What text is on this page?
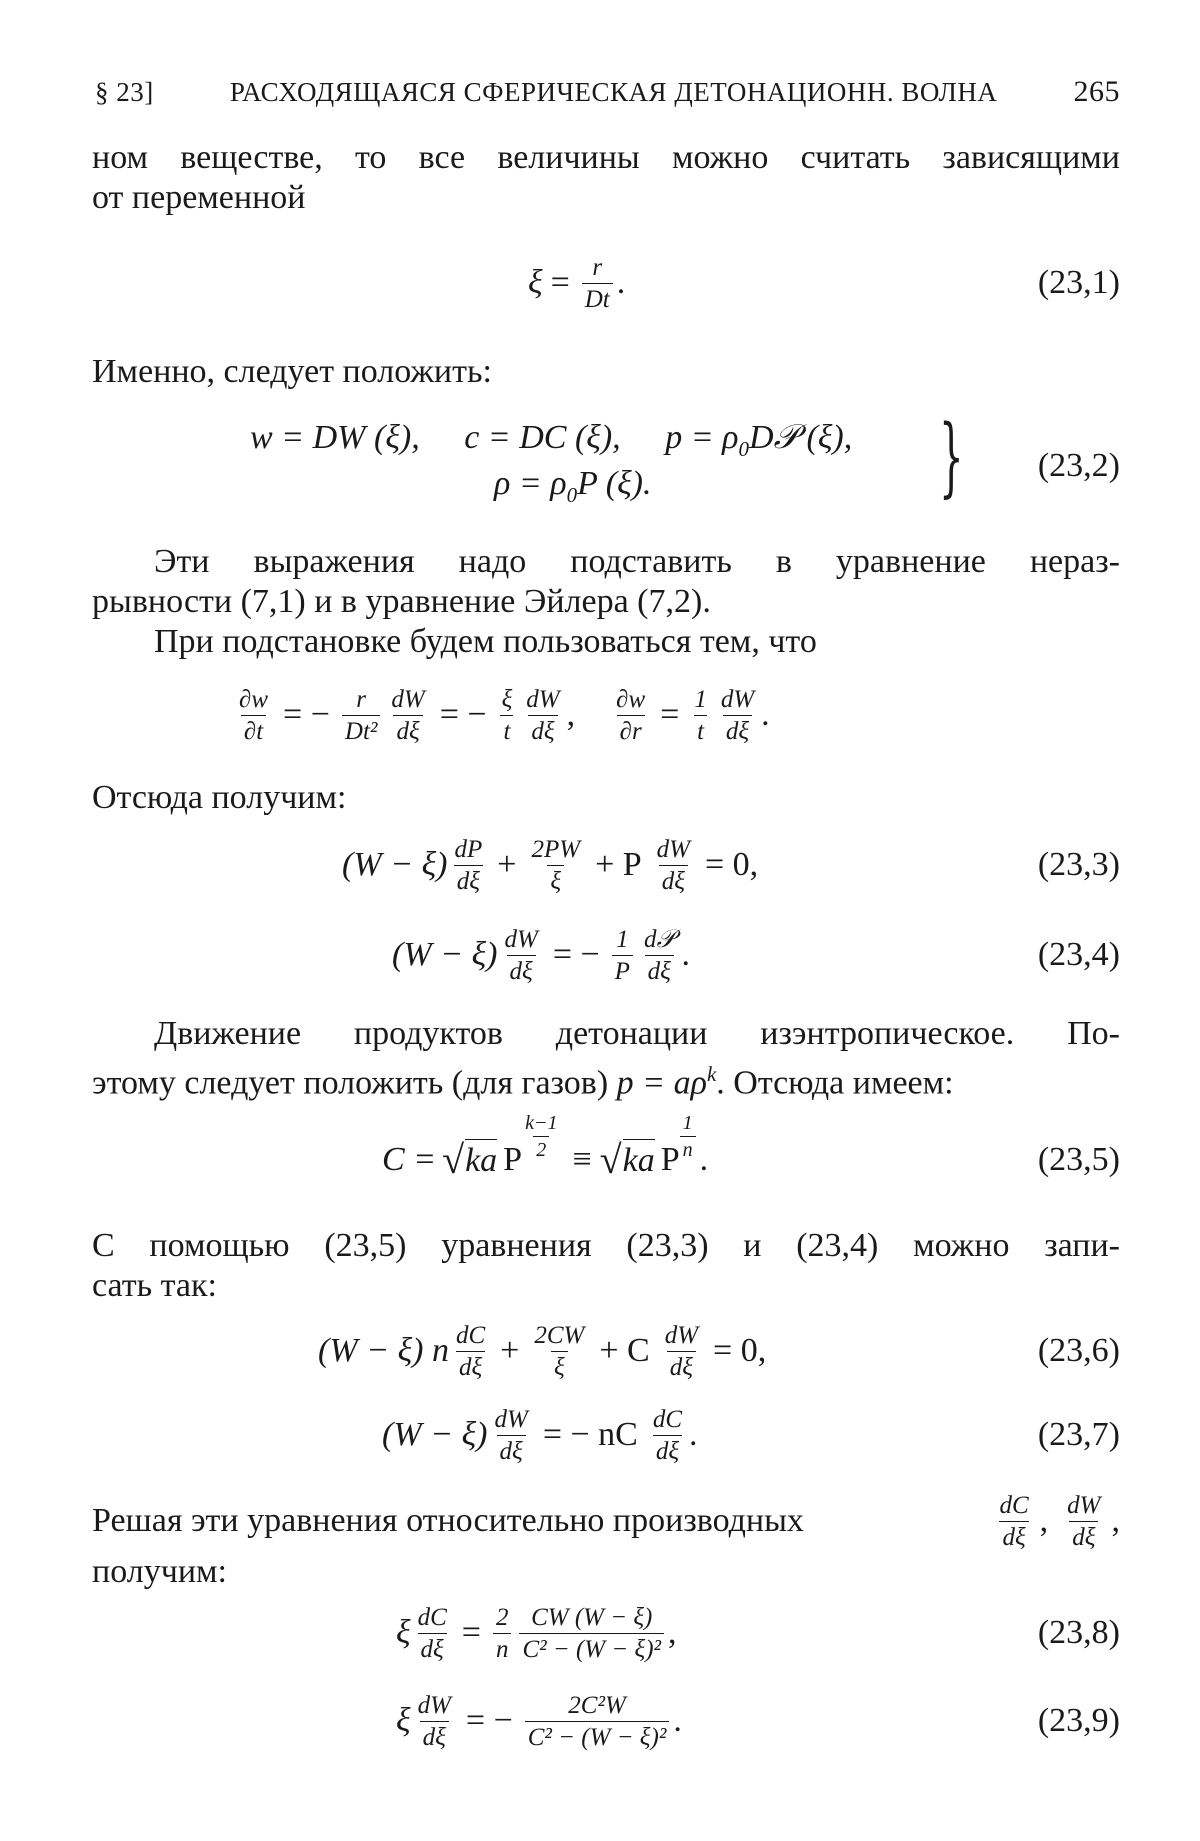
§ 23]	РАСХОДЯЩАЯСЯ СФЕРИЧЕСКАЯ ДЕТОНАЦИОНН. ВОЛНА	265
ном веществе, то все величины можно считать зависящими
от переменной
$\xi = \frac{r}{Dt}$ .	(23,1)
Именно, следует положить:
w = DW (ξ), c = DC (ξ), $p = \rho_0D𝒫$ (ξ),
$\rho = \rho_0P$ (ξ).	} (23,2)
Эти выражения надо подставить в уравнение нераз-
рывности (7,1) и в уравнение Эйлера (7,2).
При подстановке будем пользоваться тем, что
$\frac{\partial w}{\partial t}$ = − $\frac{r}{\text{Dt²}} \frac{dW}{d\xi}$ = − $\frac{\xi}{t} \frac{dW}{d\xi}$ , $\frac{\partial w}{\partial r} = \frac{1}{t} \frac{dW}{d\xi}$ .
Отсюда получим:
$(W - \xi) \frac{dP}{d\xi} + \frac{2PW}{\xi} + P \frac{dW}{d\xi} = 0$,	(23,3)
$(W - \xi) \frac{dW}{d\xi}$ = − $\frac{1}{P} \frac{\text{d𝒫}}{d\xi}$ .	(23,4)
Движение продуктов детонации изэнтропическое. По-
этому следует положить (для газов) $p = a\rho^k$. Отсюда имеем:
C = √ ka P $\frac{k-1}{2}$ ≡ √ ka P $\frac{1}{n}$ .	(23,5)
С помощью (23,5) уравнения (23,3) и (23,4) можно запи-
сать так:
(W − ξ) n $\frac{dC}{d\xi} + \frac{2CW}{\xi} + C \frac{dW}{d\xi} = 0$,	(23,6)
$(W - \xi) \frac{dW}{d\xi}$ = − nC $\frac{dC}{d\xi}$ .	(23,7)
Решая эти уравнения относительно производных	$\frac{dC}{d\xi}$ , $\frac{dW}{d\xi}$ ,
получим:
ξ $\frac{dC}{d\xi} = \frac{2}{n} \frac{CW (W - \xi)}{\text{C² − (W − ξ)²}}$ ,	(23,8)
ξ $\frac{dW}{d\xi}$ = − $\frac{\text{2C²W}}{\text{C² − (W − ξ)²}}$ .	(23,9)
